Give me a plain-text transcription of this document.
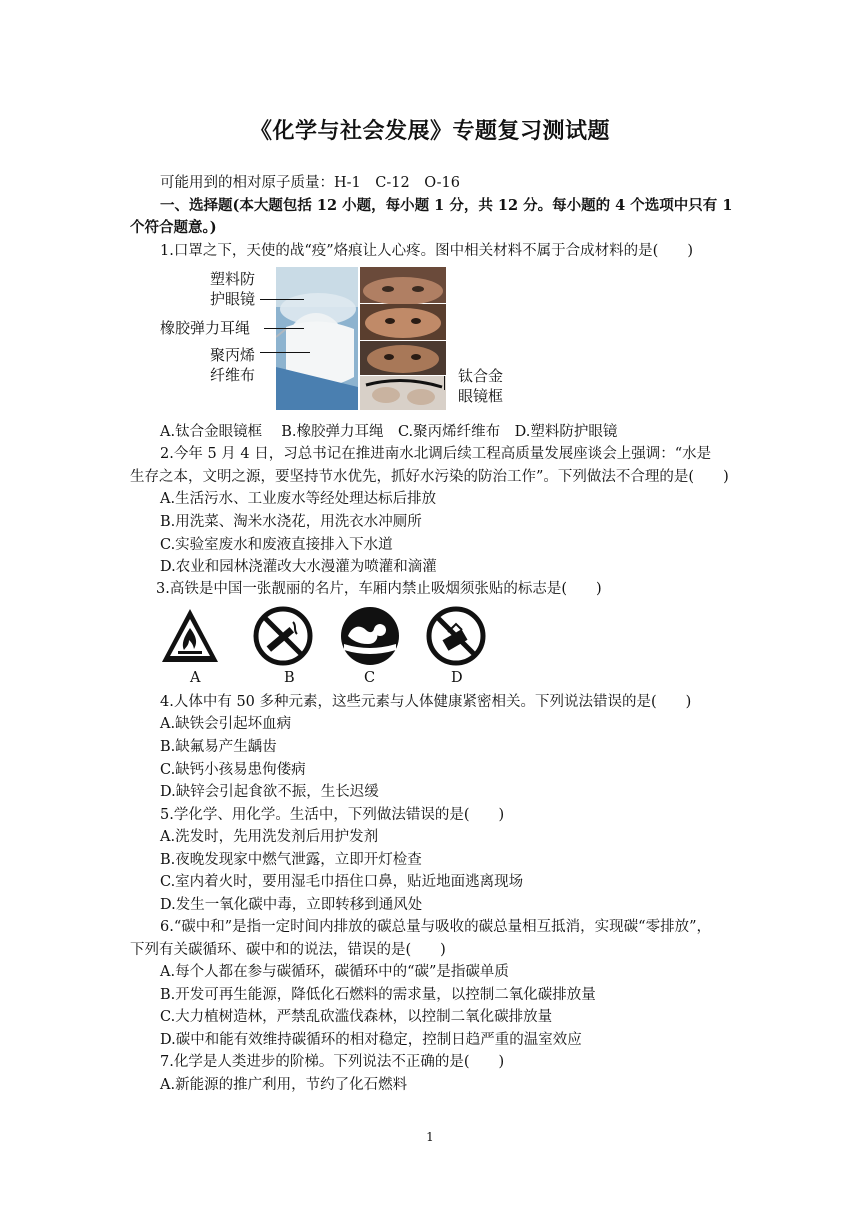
《化学与社会发展》专题复习测试题
可能用到的相对原子质量：H-1　C-12　O-16
一、选择题(本大题包括 12 小题，每小题 1 分，共 12 分。每小题的 4 个选项中只有 1
个符合题意。)
1.口罩之下，天使的战“疫”烙痕让人心疼。图中相关材料不属于合成材料的是(　　)
塑料防
护眼镜
橡胶弹力耳绳
聚丙烯
纤维布	钛合金
眼镜框
A.钛合金眼镜框　 B.橡胶弹力耳绳　C.聚丙烯纤维布　D.塑料防护眼镜
2.今年 5 月 4 日，习总书记在推进南水北调后续工程高质量发展座谈会上强调：“水是
生存之本，文明之源，要坚持节水优先，抓好水污染的防治工作”。下列做法不合理的是(　　)
A.生活污水、工业废水等经处理达标后排放
B.用洗菜、淘米水浇花，用洗衣水冲厕所
C.实验室废水和废液直接排入下水道
D.农业和园林浇灌改大水漫灌为喷灌和滴灌
3.高铁是中国一张靓丽的名片，车厢内禁止吸烟须张贴的标志是(　　)
A	B	C	D
4.人体中有 50 多种元素，这些元素与人体健康紧密相关。下列说法错误的是(　　)
A.缺铁会引起坏血病
B.缺氟易产生龋齿
C.缺钙小孩易患佝偻病
D.缺锌会引起食欲不振，生长迟缓
5.学化学、用化学。生活中，下列做法错误的是(　　)
A.洗发时，先用洗发剂后用护发剂
B.夜晚发现家中燃气泄露，立即开灯检查
C.室内着火时，要用湿毛巾捂住口鼻，贴近地面逃离现场
D.发生一氧化碳中毒，立即转移到通风处
6.“碳中和”是指一定时间内排放的碳总量与吸收的碳总量相互抵消，实现碳“零排放”，
下列有关碳循环、碳中和的说法，错误的是(　　)
A.每个人都在参与碳循环，碳循环中的“碳”是指碳单质
B.开发可再生能源，降低化石燃料的需求量，以控制二氧化碳排放量
C.大力植树造林，严禁乱砍滥伐森林，以控制二氧化碳排放量
D.碳中和能有效维持碳循环的相对稳定，控制日趋严重的温室效应
7.化学是人类进步的阶梯。下列说法不正确的是(　　)
A.新能源的推广利用，节约了化石燃料
1
